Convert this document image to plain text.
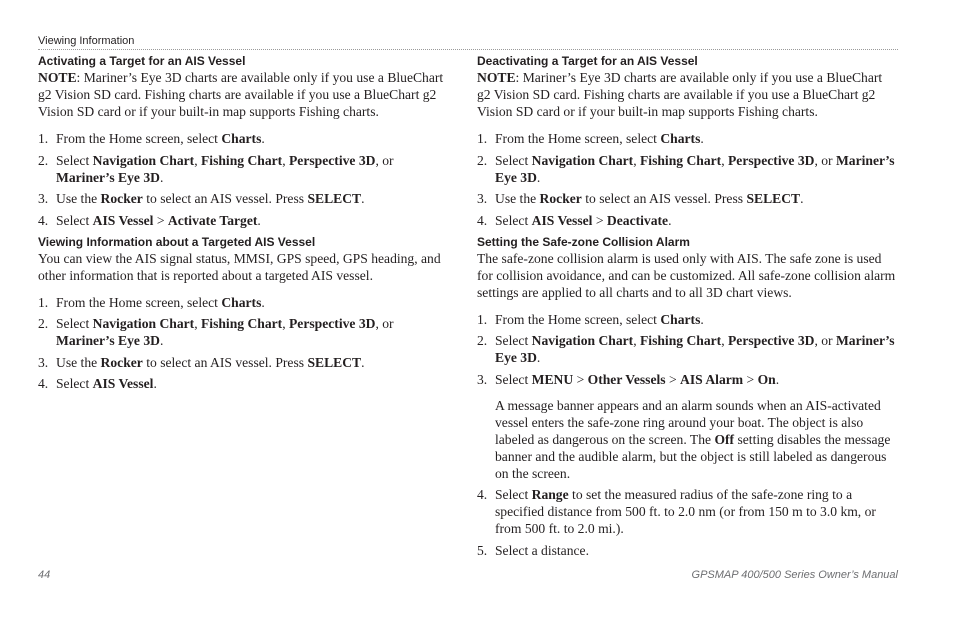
Viewing Information
Activating a Target for an AIS Vessel

NOTE: Mariner’s Eye 3D charts are available only if you use a BlueChart g2 Vision SD card. Fishing charts are available if you use a BlueChart g2 Vision SD card or if your built-in map supports Fishing charts.

1. From the Home screen, select Charts.
2. Select Navigation Chart, Fishing Chart, Perspective 3D, or Mariner’s Eye 3D.
3. Use the Rocker to select an AIS vessel. Press SELECT.
4. Select AIS Vessel > Activate Target.
Viewing Information about a Targeted AIS Vessel

You can view the AIS signal status, MMSI, GPS speed, GPS heading, and other information that is reported about a targeted AIS vessel.

1. From the Home screen, select Charts.
2. Select Navigation Chart, Fishing Chart, Perspective 3D, or Mariner’s Eye 3D.
3. Use the Rocker to select an AIS vessel. Press SELECT.
4. Select AIS Vessel.
Deactivating a Target for an AIS Vessel

NOTE: Mariner’s Eye 3D charts are available only if you use a BlueChart g2 Vision SD card. Fishing charts are available if you use a BlueChart g2 Vision SD card or if your built-in map supports Fishing charts.

1. From the Home screen, select Charts.
2. Select Navigation Chart, Fishing Chart, Perspective 3D, or Mariner’s Eye 3D.
3. Use the Rocker to select an AIS vessel. Press SELECT.
4. Select AIS Vessel > Deactivate.
Setting the Safe-zone Collision Alarm

The safe-zone collision alarm is used only with AIS. The safe zone is used for collision avoidance, and can be customized. All safe-zone collision alarm settings are applied to all charts and to all 3D chart views.

1. From the Home screen, select Charts.
2. Select Navigation Chart, Fishing Chart, Perspective 3D, or Mariner’s Eye 3D.
3. Select MENU > Other Vessels > AIS Alarm > On.

A message banner appears and an alarm sounds when an AIS-activated vessel enters the safe-zone ring around your boat. The object is also labeled as dangerous on the screen. The Off setting disables the message banner and the audible alarm, but the object is still labeled as dangerous on the screen.

4. Select Range to set the measured radius of the safe-zone ring to a specified distance from 500 ft. to 2.0 nm (or from 150 m to 3.0 km, or from 500 ft. to 2.0 mi.).
5. Select a distance.
44	GPSMAP 400/500 Series Owner’s Manual
